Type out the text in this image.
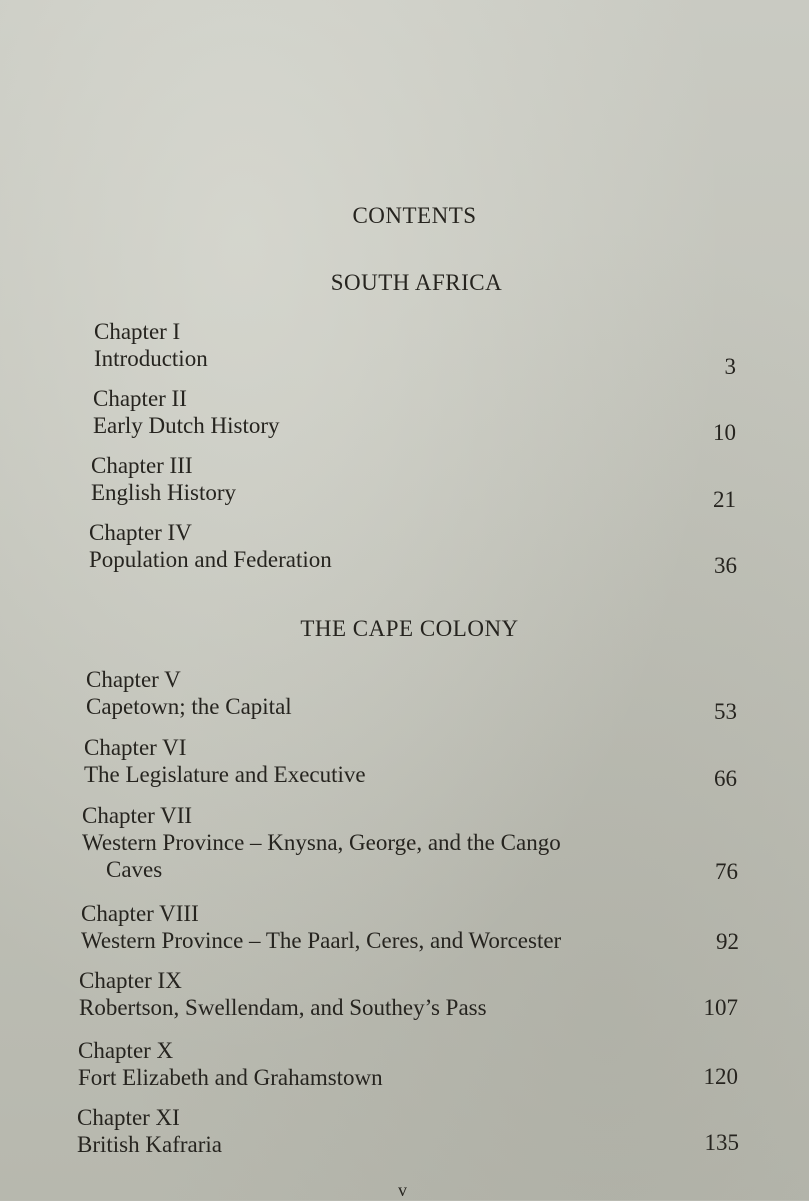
CONTENTS
SOUTH AFRICA
Chapter I
Introduction	3
Chapter II
Early Dutch History	10
Chapter III
English History	21
Chapter IV
Population and Federation	36
THE CAPE COLONY
Chapter V
Capetown; the Capital	53
Chapter VI
The Legislature and Executive	66
Chapter VII
Western Province – Knysna, George, and the Cango
Caves	76
Chapter VIII
Western Province – The Paarl, Ceres, and Worcester	92
Chapter IX
Robertson, Swellendam, and Southey’s Pass	107
Chapter X
Fort Elizabeth and Grahamstown	120
Chapter XI
British Kafraria	135
v
